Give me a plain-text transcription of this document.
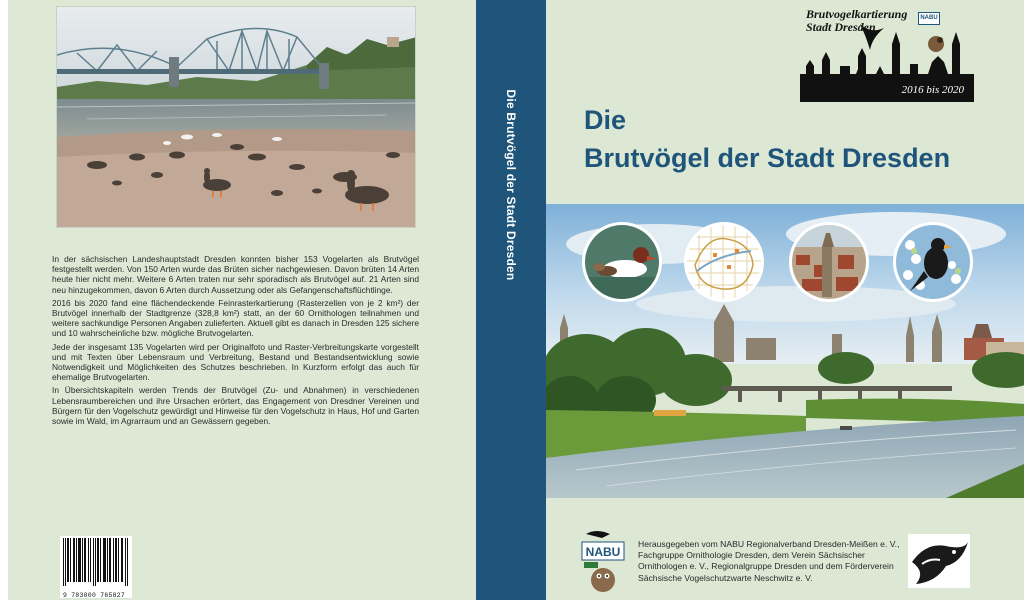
In der sächsischen Landeshauptstadt Dresden konnten bisher 153 Vogelarten als Brutvögel festgestellt werden. Von 150 Arten wurde das Brüten sicher nachgewiesen. Davon brüten 14 Arten heute hier nicht mehr. Weitere 6 Arten traten nur sehr sporadisch als Brutvögel auf. 21 Arten sind neu hinzugekommen, davon 6 Arten durch Aussetzung oder als Gefangenschaftsflüchtlinge.

2016 bis 2020 fand eine flächendeckende Feinrasterkartierung (Rasterzellen von je 2 km²) der Brutvögel innerhalb der Stadtgrenze (328,8 km²) statt, an der 60 Ornithologen teilnahmen und weitere sachkundige Personen Angaben zulieferten. Aktuell gibt es danach in Dresden 125 sichere und 10 wahrscheinliche bzw. mögliche Brutvogelarten.

Jede der insgesamt 135 Vogelarten wird per Originalfoto und Raster-Verbreitungskarte vorgestellt und mit Texten über Lebensraum und Verbreitung, Bestand und Bestandsentwicklung sowie Notwendigkeit und Möglichkeiten des Schutzes beschrieben. In Kurzform erfolgt das auch für ehemalige Brutvogelarten.

In Übersichtskapiteln werden Trends der Brutvögel (Zu- und Abnahmen) in verschiedenen Lebensraumbereichen und ihre Ursachen erörtert, das Engagement von Dresdner Vereinen und Bürgern für den Vogelschutz gewürdigt und Hinweise für den Vogelschutz in Haus, Hof und Garten sowie im Wald, im Agrarraum und an Gewässern gegeben.

9 783000 765827
Die Brutvögel der Stadt Dresden
Brutvogelkartierung
Stadt Dresden
NABU
2016 bis 2020
Die
Brutvögel der Stadt Dresden
NABU
Herausgegeben vom NABU Regionalverband Dresden-Meißen e. V., Fachgruppe Ornithologie Dresden, dem Verein Sächsischer Ornithologen e. V., Regionalgruppe Dresden und dem Förderverein Sächsische Vogelschutzwarte Neschwitz e. V.
